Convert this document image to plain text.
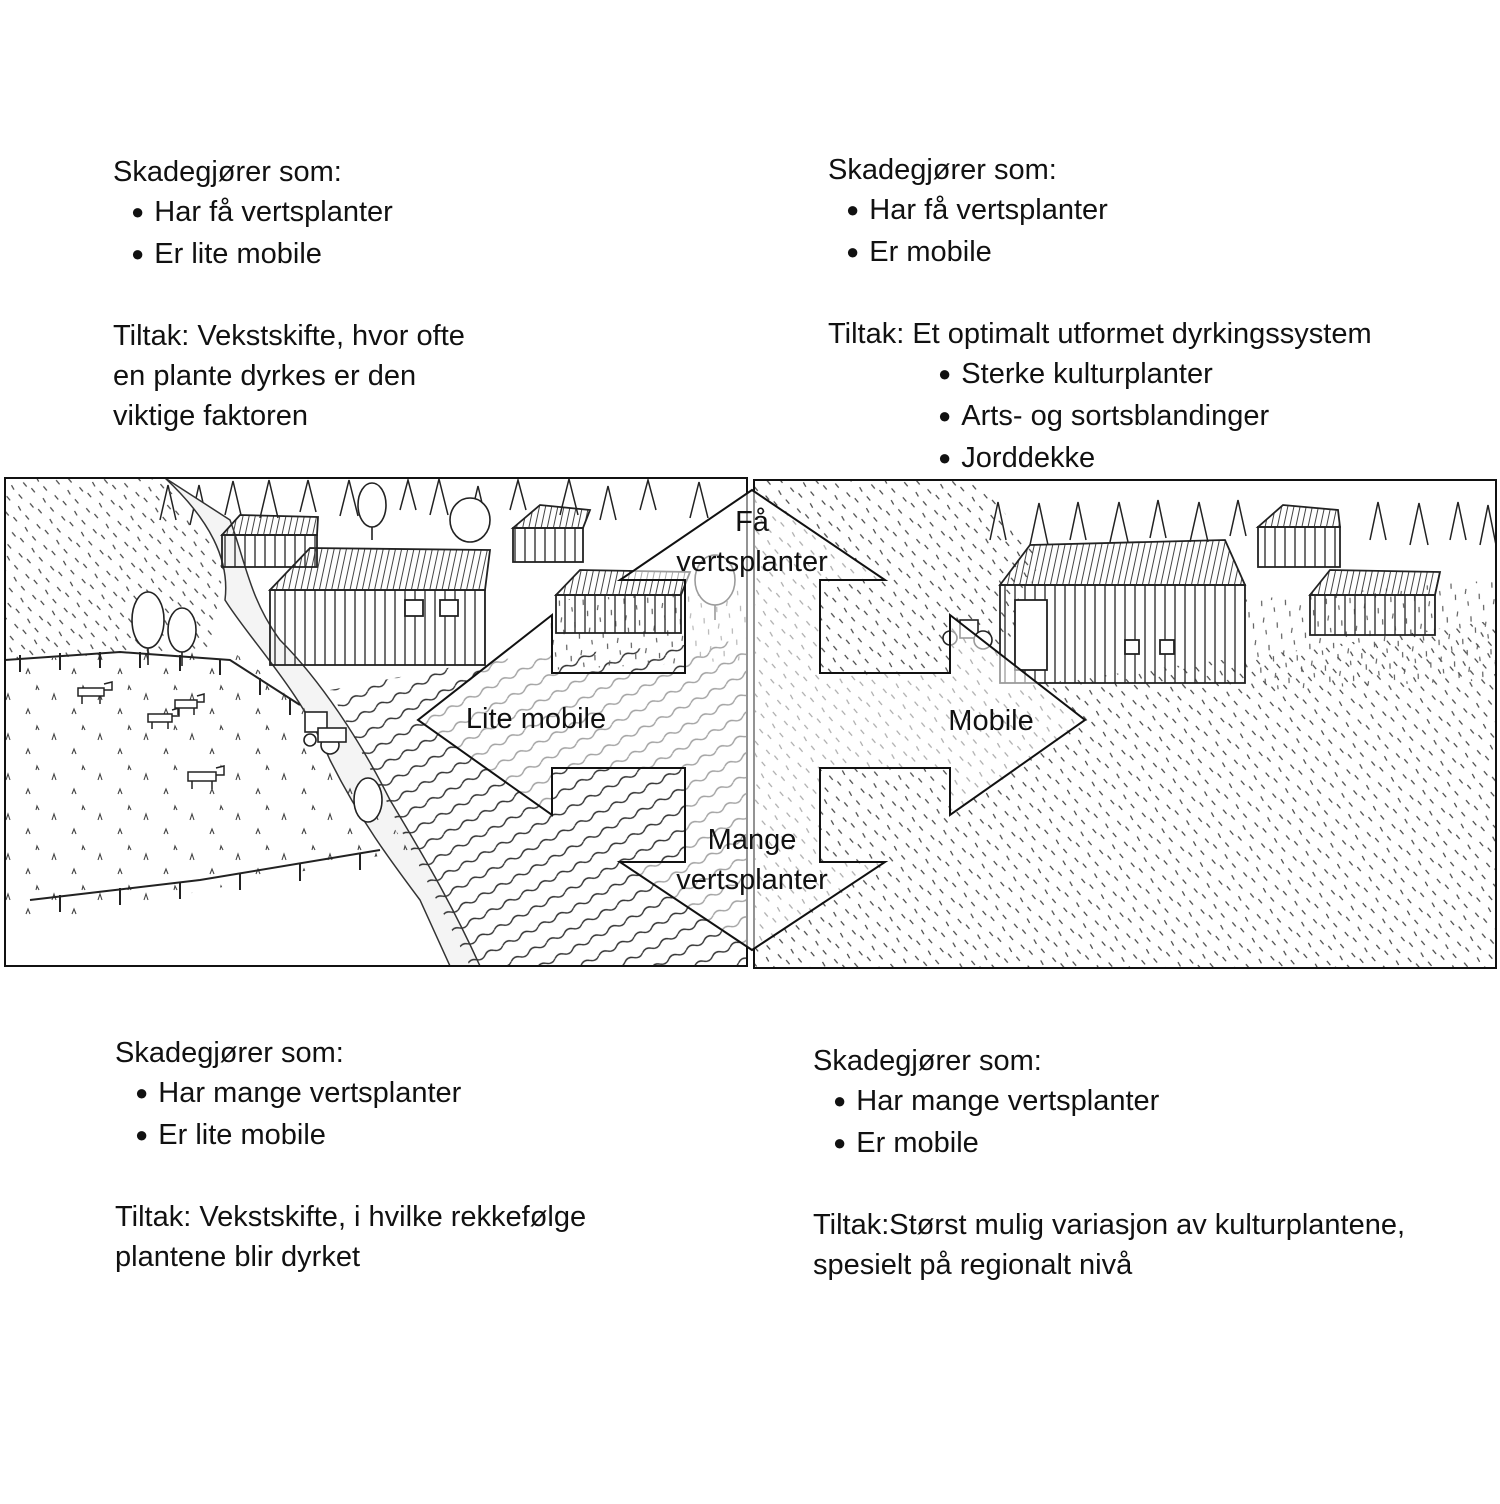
Skadegjører som:
● Har få vertsplanter
● Er lite mobile
Tiltak: Vekstskifte, hvor ofte
en plante dyrkes er den
viktige faktoren
Skadegjører som:
● Har få vertsplanter
● Er mobile
Tiltak: Et optimalt utformet dyrkingssystem
● Sterke kulturplanter
● Arts- og sortsblandinger
● Jorddekke
Skadegjører som:
● Har mange vertsplanter
● Er lite mobile
Tiltak: Vekstskifte, i hvilke rekkefølge
plantene blir dyrket
Skadegjører som:
● Har mange vertsplanter
● Er mobile
Tiltak:Størst mulig variasjon av kulturplantene,
spesielt på regionalt nivå
Få
vertsplanter
Lite mobile	Mobile
Mange
vertsplanter
